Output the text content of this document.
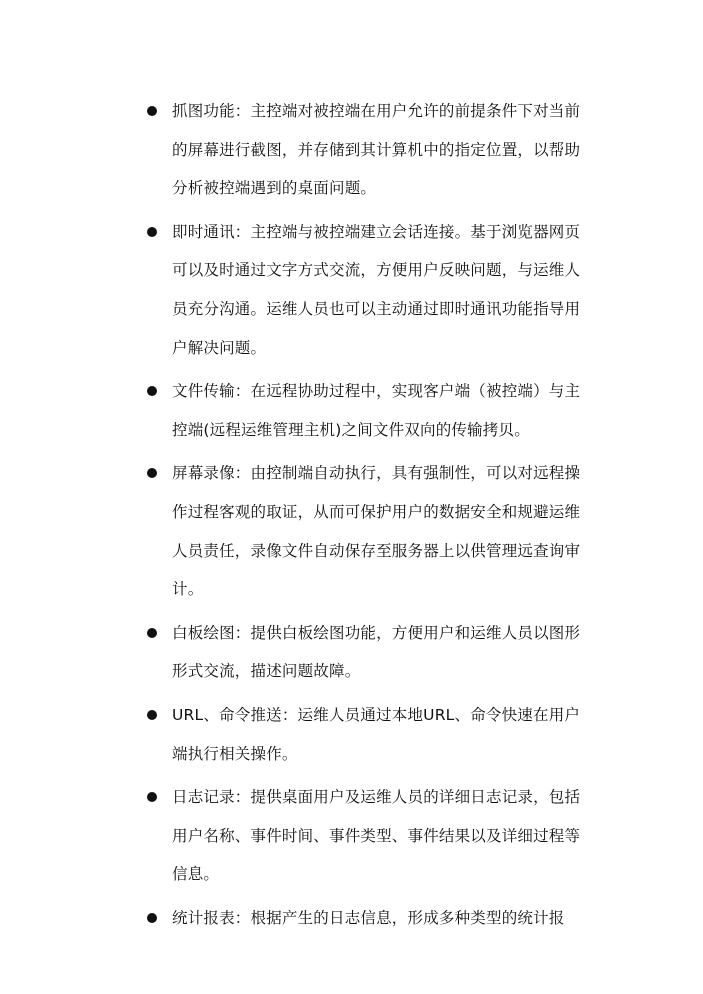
抓图功能：主控端对被控端在用户允许的前提条件下对当前的屏幕进行截图，并存储到其计算机中的指定位置，以帮助分析被控端遇到的桌面问题。
即时通讯：主控端与被控端建立会话连接。基于浏览器网页可以及时通过文字方式交流，方便用户反映问题，与运维人员充分沟通。运维人员也可以主动通过即时通讯功能指导用户解决问题。
文件传输：在远程协助过程中，实现客户端（被控端）与主控端(远程运维管理主机)之间文件双向的传输拷贝。
屏幕录像：由控制端自动执行，具有强制性，可以对远程操作过程客观的取证，从而可保护用户的数据安全和规避运维人员责任，录像文件自动保存至服务器上以供管理远查询审计。
白板绘图：提供白板绘图功能，方便用户和运维人员以图形形式交流，描述问题故障。
URL、命令推送：运维人员通过本地URL、命令快速在用户端执行相关操作。
日志记录：提供桌面用户及运维人员的详细日志记录，包括用户名称、事件时间、事件类型、事件结果以及详细过程等信息。
统计报表：根据产生的日志信息，形成多种类型的统计报
